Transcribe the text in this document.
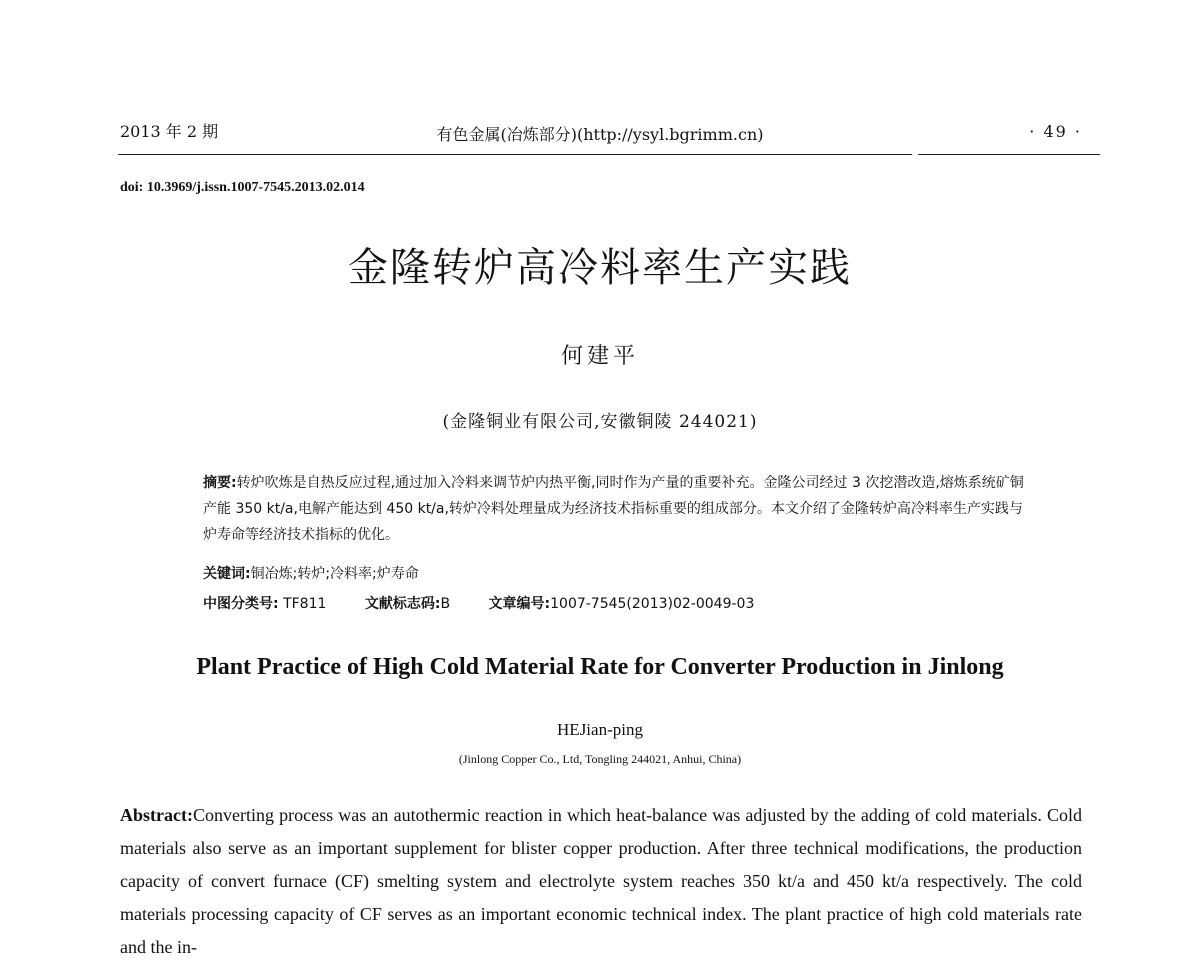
2013 年 2 期	有色金属(冶炼部分)(http://ysyl.bgrimm.cn)	· 49 ·
doi: 10.3969/j.issn.1007-7545.2013.02.014
金隆转炉高冷料率生产实践
何建平
(金隆铜业有限公司,安徽铜陵 244021)
摘要:转炉吹炼是自热反应过程,通过加入冷料来调节炉内热平衡,同时作为产量的重要补充。金隆公司经过 3 次挖潜改造,熔炼系统矿铜产能 350 kt/a,电解产能达到 450 kt/a,转炉冷料处理量成为经济技术指标重要的组成部分。本文介绍了金隆转炉高冷料率生产实践与炉寿命等经济技术指标的优化。
关键词:铜冶炼;转炉;冷料率;炉寿命
中图分类号: TF811	文献标志码:B	文章编号:1007-7545(2013)02-0049-03
Plant Practice of High Cold Material Rate for Converter Production in Jinlong
HEJian-ping
(Jinlong Copper Co., Ltd, Tongling 244021, Anhui, China)
Abstract:Converting process was an autothermic reaction in which heat-balance was adjusted by the adding of cold materials. Cold materials also serve as an important supplement for blister copper production. After three technical modifications, the production capacity of convert furnace (CF) smelting system and electrolyte system reaches 350 kt/a and 450 kt/a respectively. The cold materials processing capacity of CF serves as an important economic technical index. The plant practice of high cold materials rate and the in-
